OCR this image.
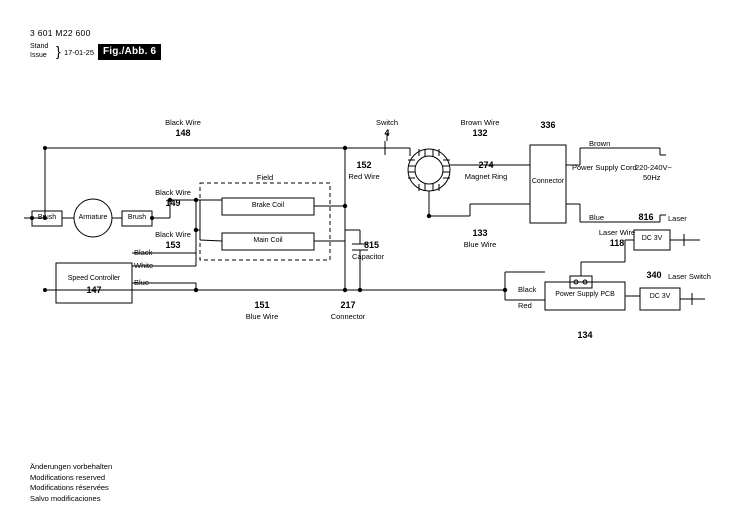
3 601 M22 600
Stand
Issue } 17-01-25 Fig./Abb. 6
Black Wire
148
Black Wire
149
Black Wire
153
Brush	Brush
Armature
Speed Controller
147
Black
White
Blue
Field
Brake Coil
Main Coil
152
Red Wire
Switch
4
Brown Wire
132
274
Magnet Ring
133
Blue Wire
336
Connector
Brown
Blue
Power Supply Cord
220-240V~
50Hz
815
Capacitor
151
Blue Wire
217
Connector
Black
Red
Power Supply PCB
134
Laser Wire
118
816	Laser
DC 3V
340 Laser Switch
DC 3V
Änderungen vorbehalten
Modifications reserved
Modifications réservées
Salvo modificaciones
